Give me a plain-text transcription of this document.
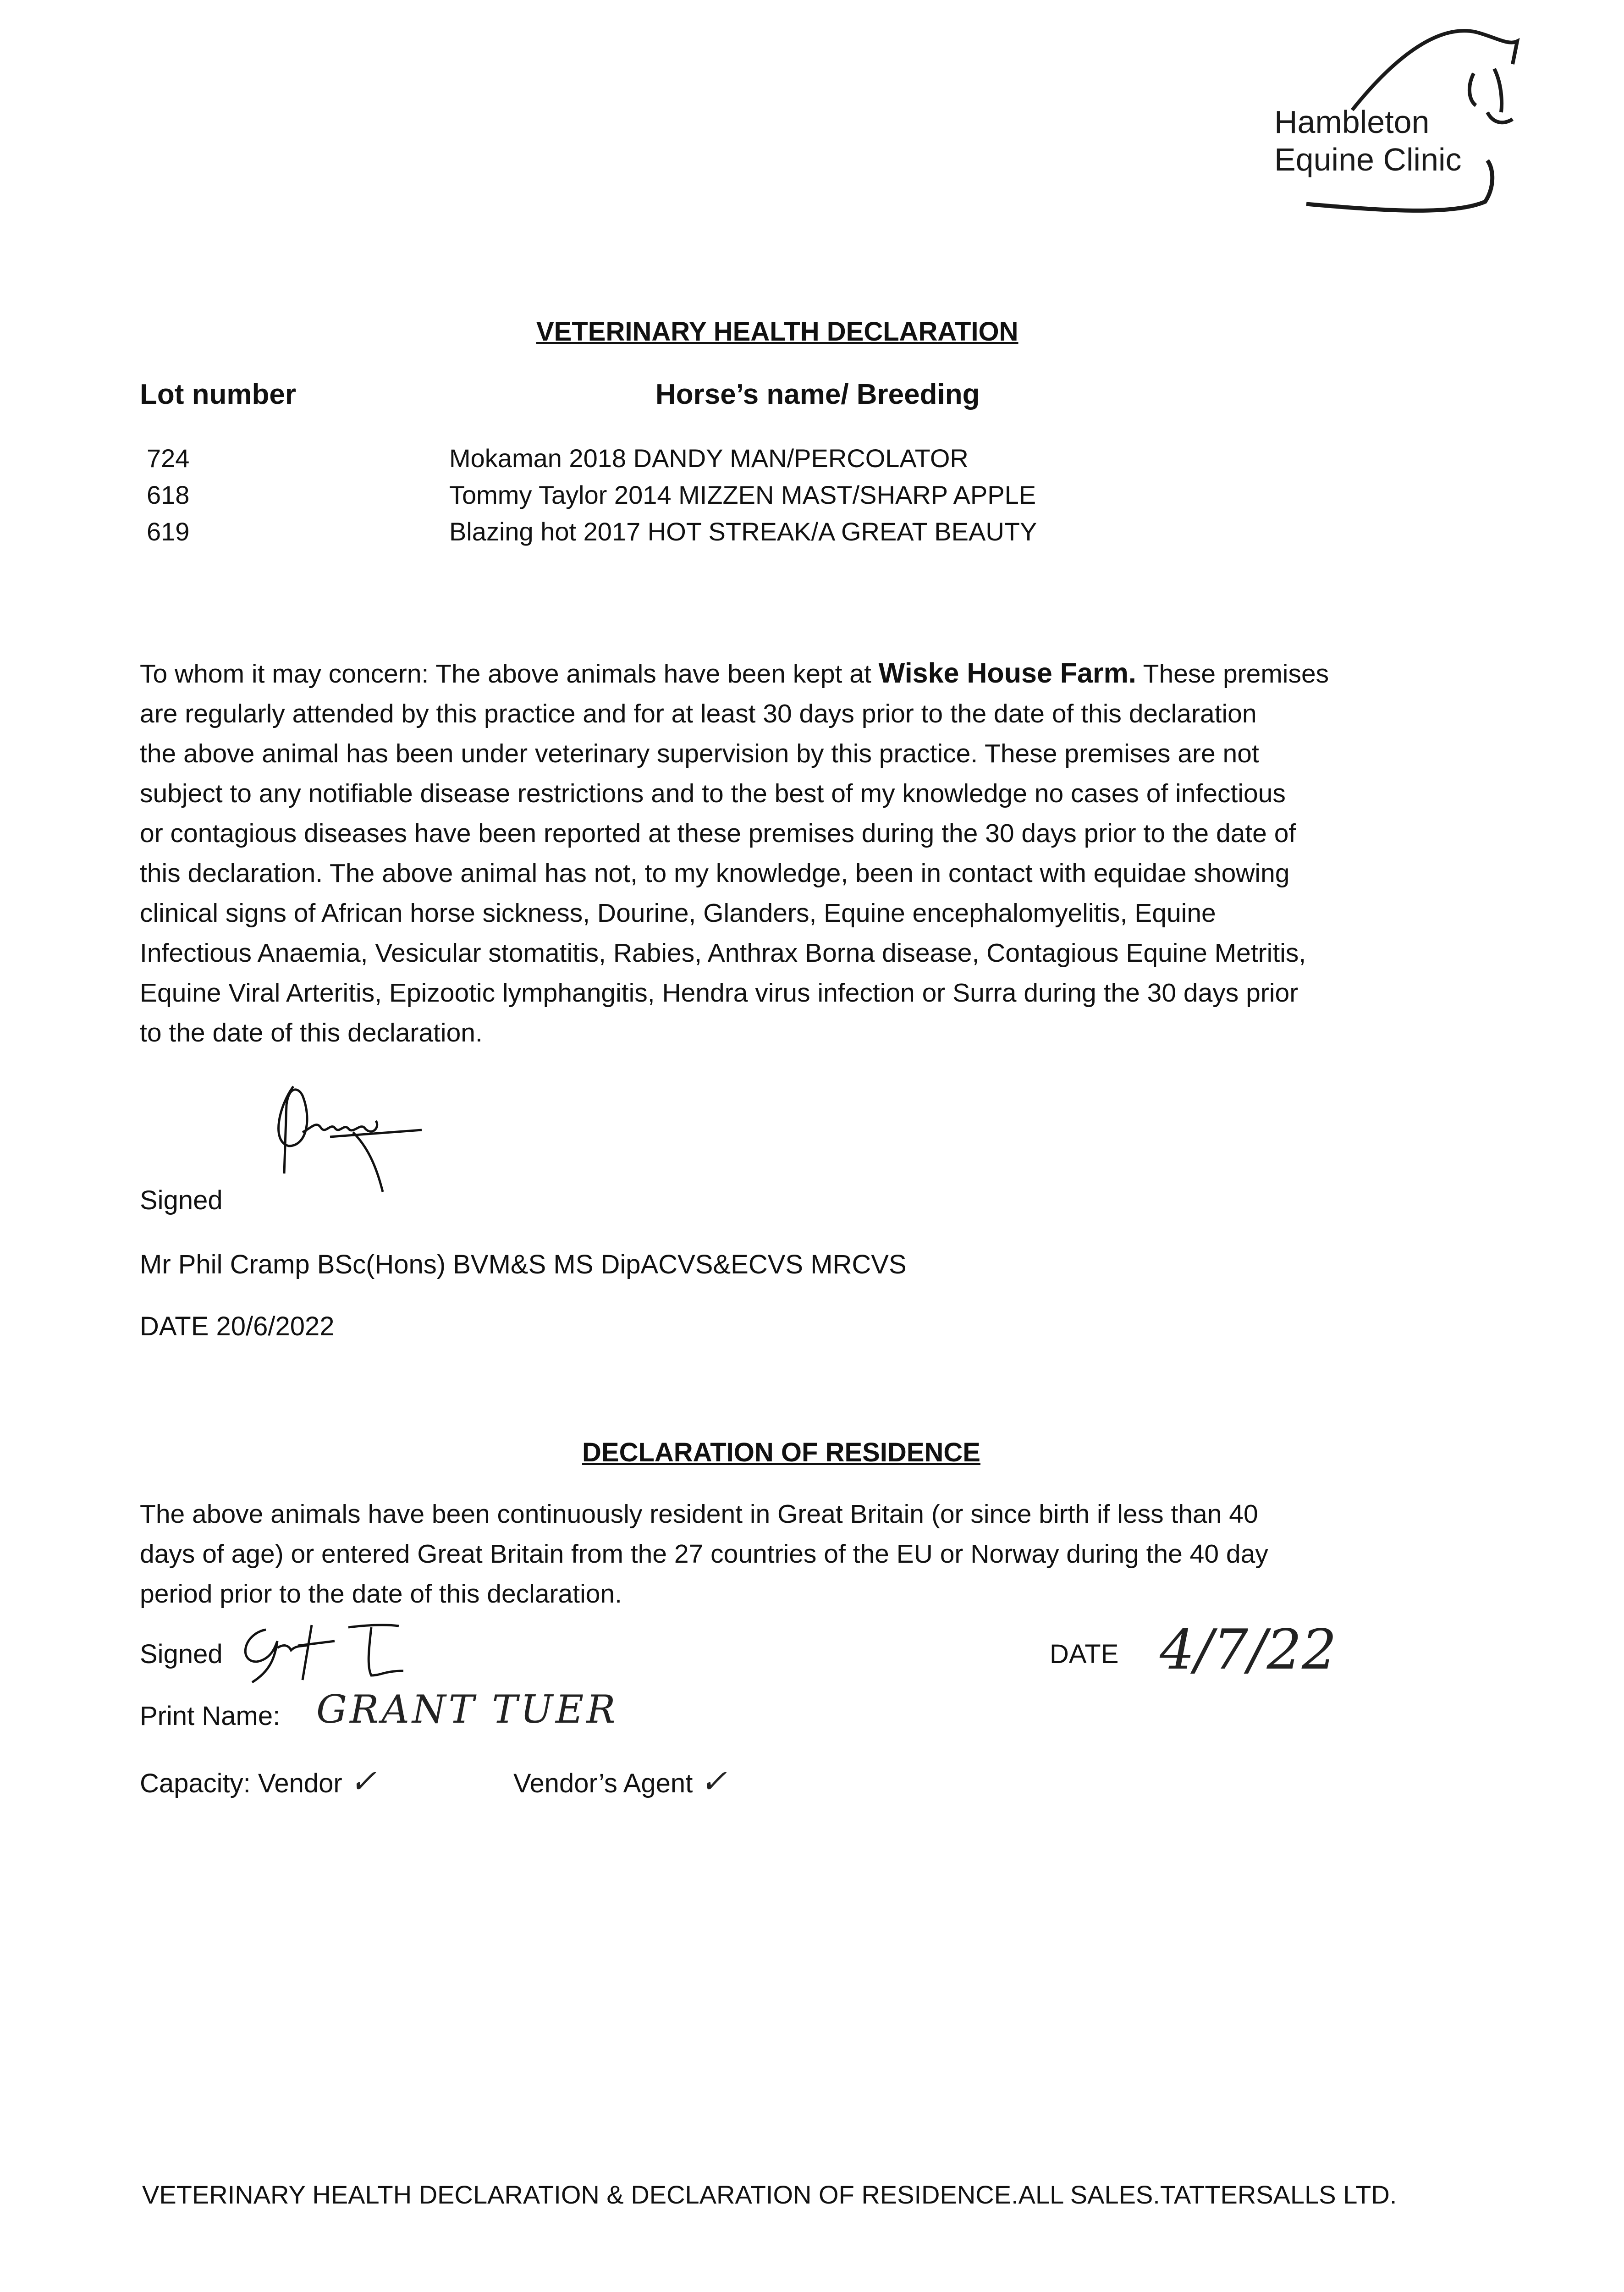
Hambleton
Equine Clinic
VETERINARY HEALTH DECLARATION
Lot number	Horse’s name/ Breeding
724	Mokaman 2018 DANDY MAN/PERCOLATOR
618	Tommy Taylor 2014 MIZZEN MAST/SHARP APPLE
619	Blazing hot 2017 HOT STREAK/A GREAT BEAUTY
To whom it may concern: The above animals have been kept at Wiske House Farm. These premises
are regularly attended by this practice and for at least 30 days prior to the date of this declaration
the above animal has been under veterinary supervision by this practice. These premises are not
subject to any notifiable disease restrictions and to the best of my knowledge no cases of infectious
or contagious diseases have been reported at these premises during the 30 days prior to the date of
this declaration. The above animal has not, to my knowledge, been in contact with equidae showing
clinical signs of African horse sickness, Dourine, Glanders, Equine encephalomyelitis, Equine
Infectious Anaemia, Vesicular stomatitis, Rabies, Anthrax Borna disease, Contagious Equine Metritis,
Equine Viral Arteritis, Epizootic lymphangitis, Hendra virus infection or Surra during the 30 days prior
to the date of this declaration.
Signed
Mr Phil Cramp BSc(Hons) BVM&S MS DipACVS&ECVS MRCVS
DATE 20/6/2022
DECLARATION OF RESIDENCE
The above animals have been continuously resident in Great Britain (or since birth if less than 40
days of age) or entered Great Britain from the 27 countries of the EU or Norway during the 40 day
period prior to the date of this declaration.
Signed	DATE 4/7/22
Print Name: GRANT TUER
Capacity: Vendor ✓	Vendor’s Agent ✓
VETERINARY HEALTH DECLARATION & DECLARATION OF RESIDENCE.ALL SALES.TATTERSALLS LTD.
